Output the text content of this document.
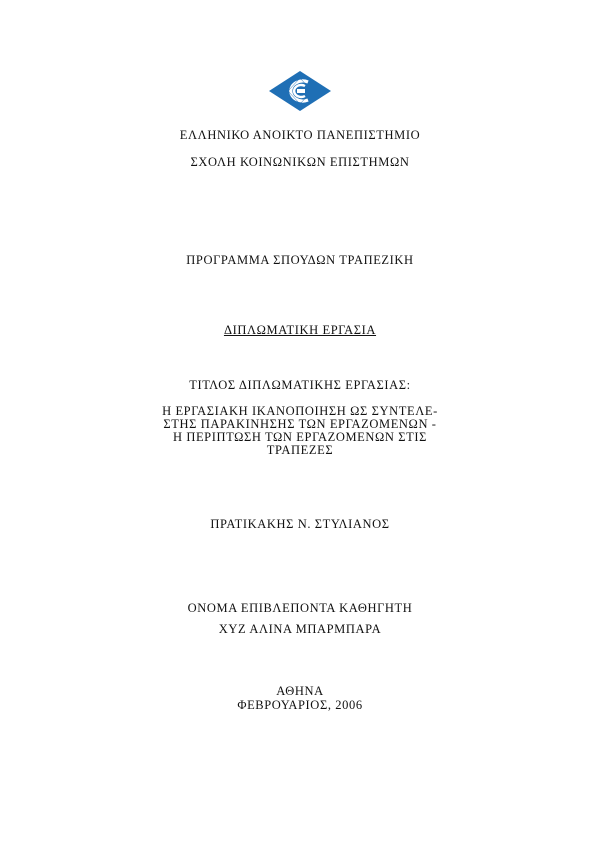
ΕΛΛΗΝΙΚΟ ΑΝΟΙΚΤΟ ΠΑΝΕΠΙΣΤΗΜΙΟ
ΣΧΟΛΗ ΚΟΙΝΩΝΙΚΩΝ ΕΠΙΣΤΗΜΩΝ
ΠΡΟΓΡΑΜΜΑ ΣΠΟΥΔΩΝ ΤΡΑΠΕΖΙΚΗ
ΔΙΠΛΩΜΑΤΙΚΗ ΕΡΓΑΣΙΑ
ΤΙΤΛΟΣ ΔΙΠΛΩΜΑΤΙΚΗΣ ΕΡΓΑΣΙΑΣ:
Η ΕΡΓΑΣΙΑΚΗ ΙΚΑΝΟΠΟΙΗΣΗ ΩΣ ΣΥΝΤΕΛΕ-
ΣΤΗΣ ΠΑΡΑΚΙΝΗΣΗΣ ΤΩΝ ΕΡΓΑΖΟΜΕΝΩΝ -
Η ΠΕΡΙΠΤΩΣΗ ΤΩΝ ΕΡΓΑΖΟΜΕΝΩΝ ΣΤΙΣ
ΤΡΑΠΕΖΕΣ
ΠΡΑΤΙΚΑΚΗΣ Ν. ΣΤΥΛΙΑΝΟΣ
ΟΝΟΜΑ ΕΠΙΒΛΕΠΟΝΤΑ ΚΑΘΗΓΗΤΗ
ΧΥΖ ΑΛΙΝΑ ΜΠΑΡΜΠΑΡΑ
ΑΘΗΝΑ
ΦΕΒΡΟΥΑΡΙΟΣ, 2006
